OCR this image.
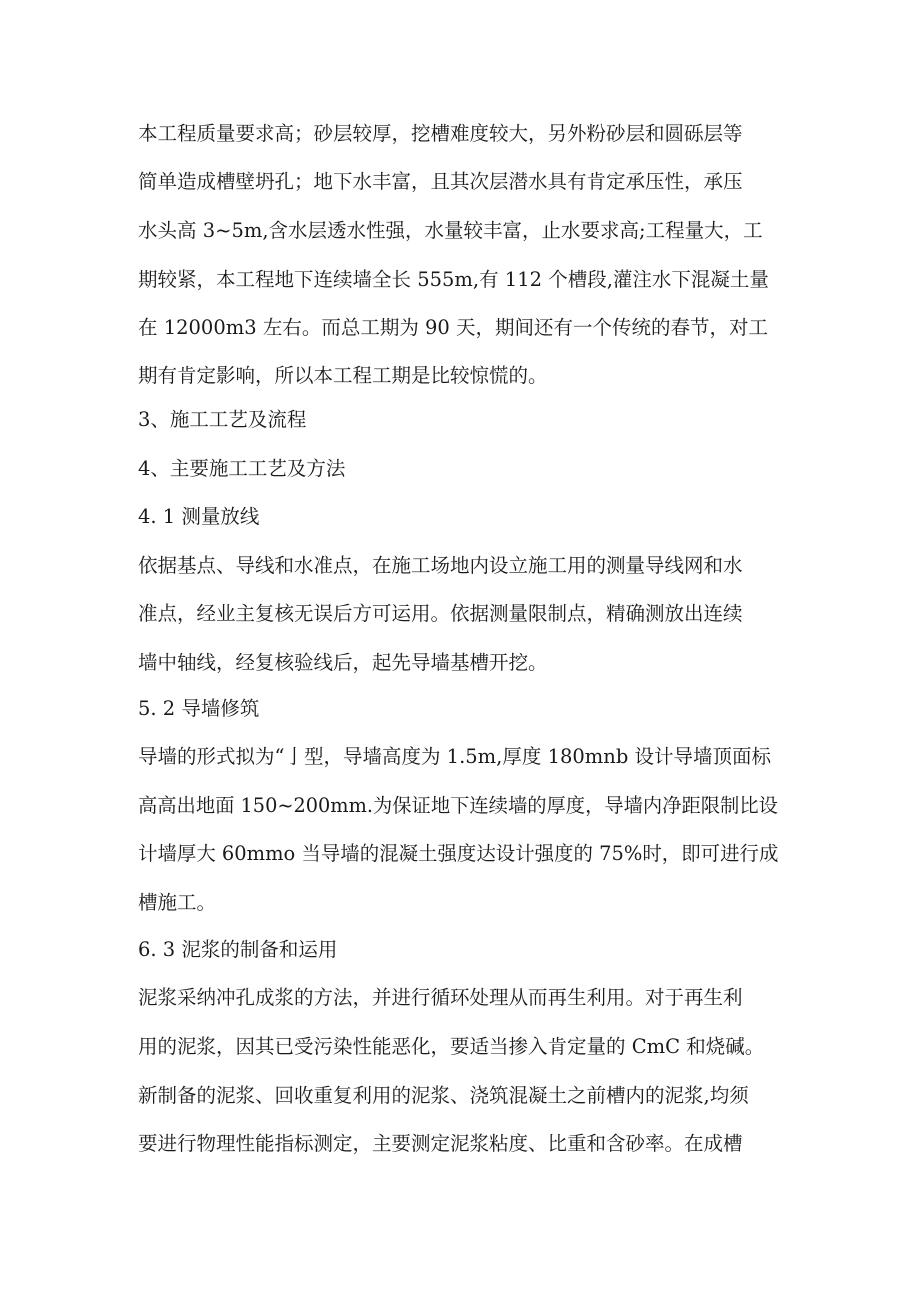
本工程质量要求高；砂层较厚，挖槽难度较大，另外粉砂层和圆砾层等
简单造成槽壁坍孔；地下水丰富，且其次层潜水具有肯定承压性，承压
水头高 3~5m,含水层透水性强，水量较丰富，止水要求高;工程量大，工
期较紧，本工程地下连续墙全长 555m,有 112 个槽段,灌注水下混凝土量
在 12000m3 左右。而总工期为 90 天，期间还有一个传统的春节，对工
期有肯定影响，所以本工程工期是比较惊慌的。
3、施工工艺及流程
4、主要施工工艺及方法
4. 1 测量放线
依据基点、导线和水准点，在施工场地内设立施工用的测量导线网和水
准点，经业主复核无误后方可运用。依据测量限制点，精确测放出连续
墙中轴线，经复核验线后，起先导墙基槽开挖。
5. 2 导墙修筑
导墙的形式拟为“亅型，导墙高度为 1.5m,厚度 180mnb 设计导墙顶面标
高高出地面 150~200mm.为保证地下连续墙的厚度，导墙内净距限制比设
计墙厚大 60mmo 当导墙的混凝土强度达设计强度的 75%时，即可进行成
槽施工。
6. 3 泥浆的制备和运用
泥浆采纳冲孔成浆的方法，并进行循环处理从而再生利用。对于再生利
用的泥浆，因其已受污染性能恶化，要适当掺入肯定量的 CmC 和烧碱。
新制备的泥浆、回收重复利用的泥浆、浇筑混凝土之前槽内的泥浆,均须
要进行物理性能指标测定，主要测定泥浆粘度、比重和含砂率。在成槽
